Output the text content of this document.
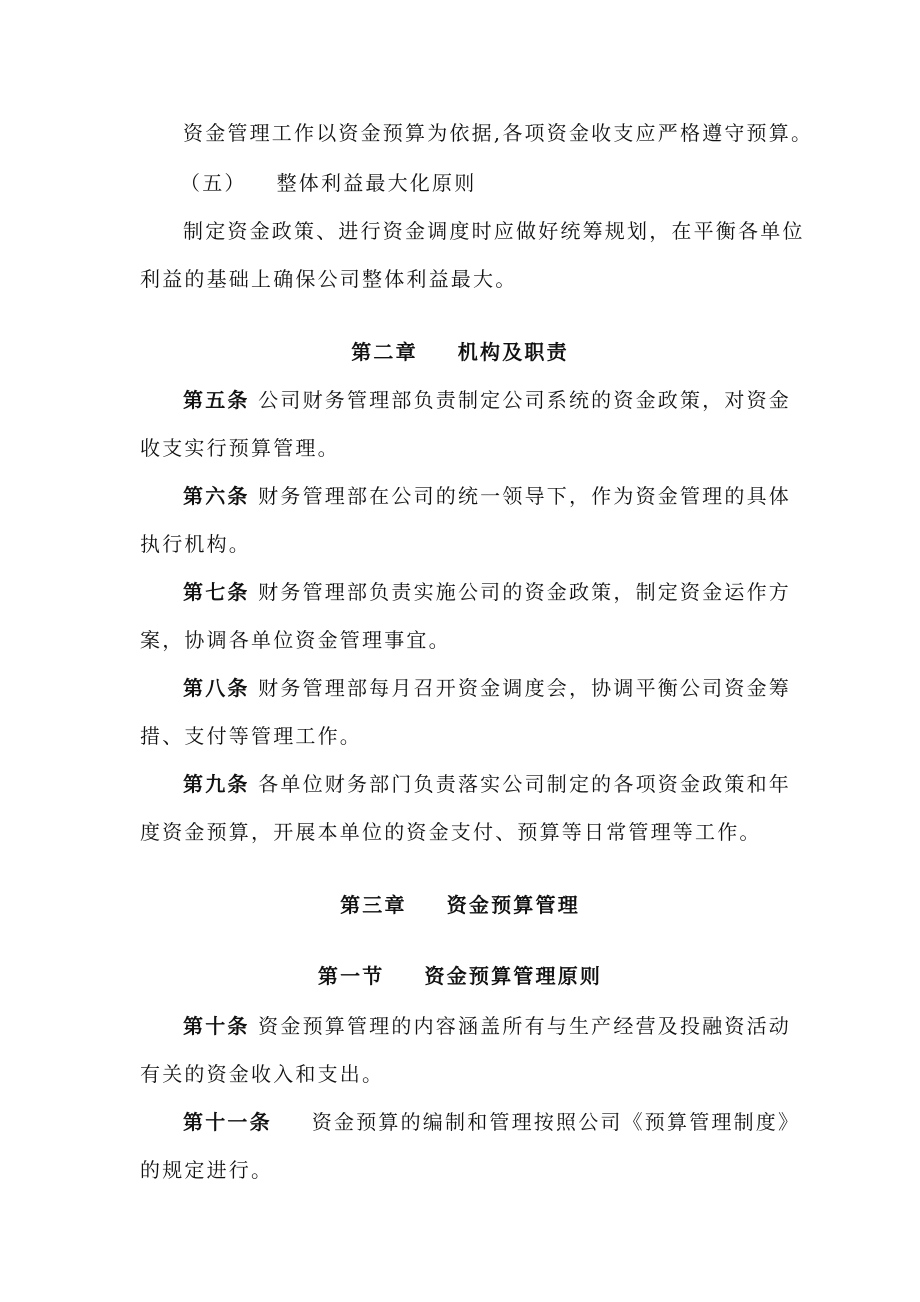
资金管理工作以资金预算为依据,各项资金收支应严格遵守预算。
（五） 整体利益最大化原则
制定资金政策、进行资金调度时应做好统筹规划，在平衡各单位
利益的基础上确保公司整体利益最大。
第二章 机构及职责
第五条 公司财务管理部负责制定公司系统的资金政策，对资金
收支实行预算管理。
第六条 财务管理部在公司的统一领导下，作为资金管理的具体
执行机构。
第七条 财务管理部负责实施公司的资金政策，制定资金运作方
案，协调各单位资金管理事宜。
第八条 财务管理部每月召开资金调度会，协调平衡公司资金筹
措、支付等管理工作。
第九条 各单位财务部门负责落实公司制定的各项资金政策和年
度资金预算，开展本单位的资金支付、预算等日常管理等工作。
第三章 资金预算管理
第一节 资金预算管理原则
第十条 资金预算管理的内容涵盖所有与生产经营及投融资活动
有关的资金收入和支出。
第十一条 资金预算的编制和管理按照公司《预算管理制度》
的规定进行。
